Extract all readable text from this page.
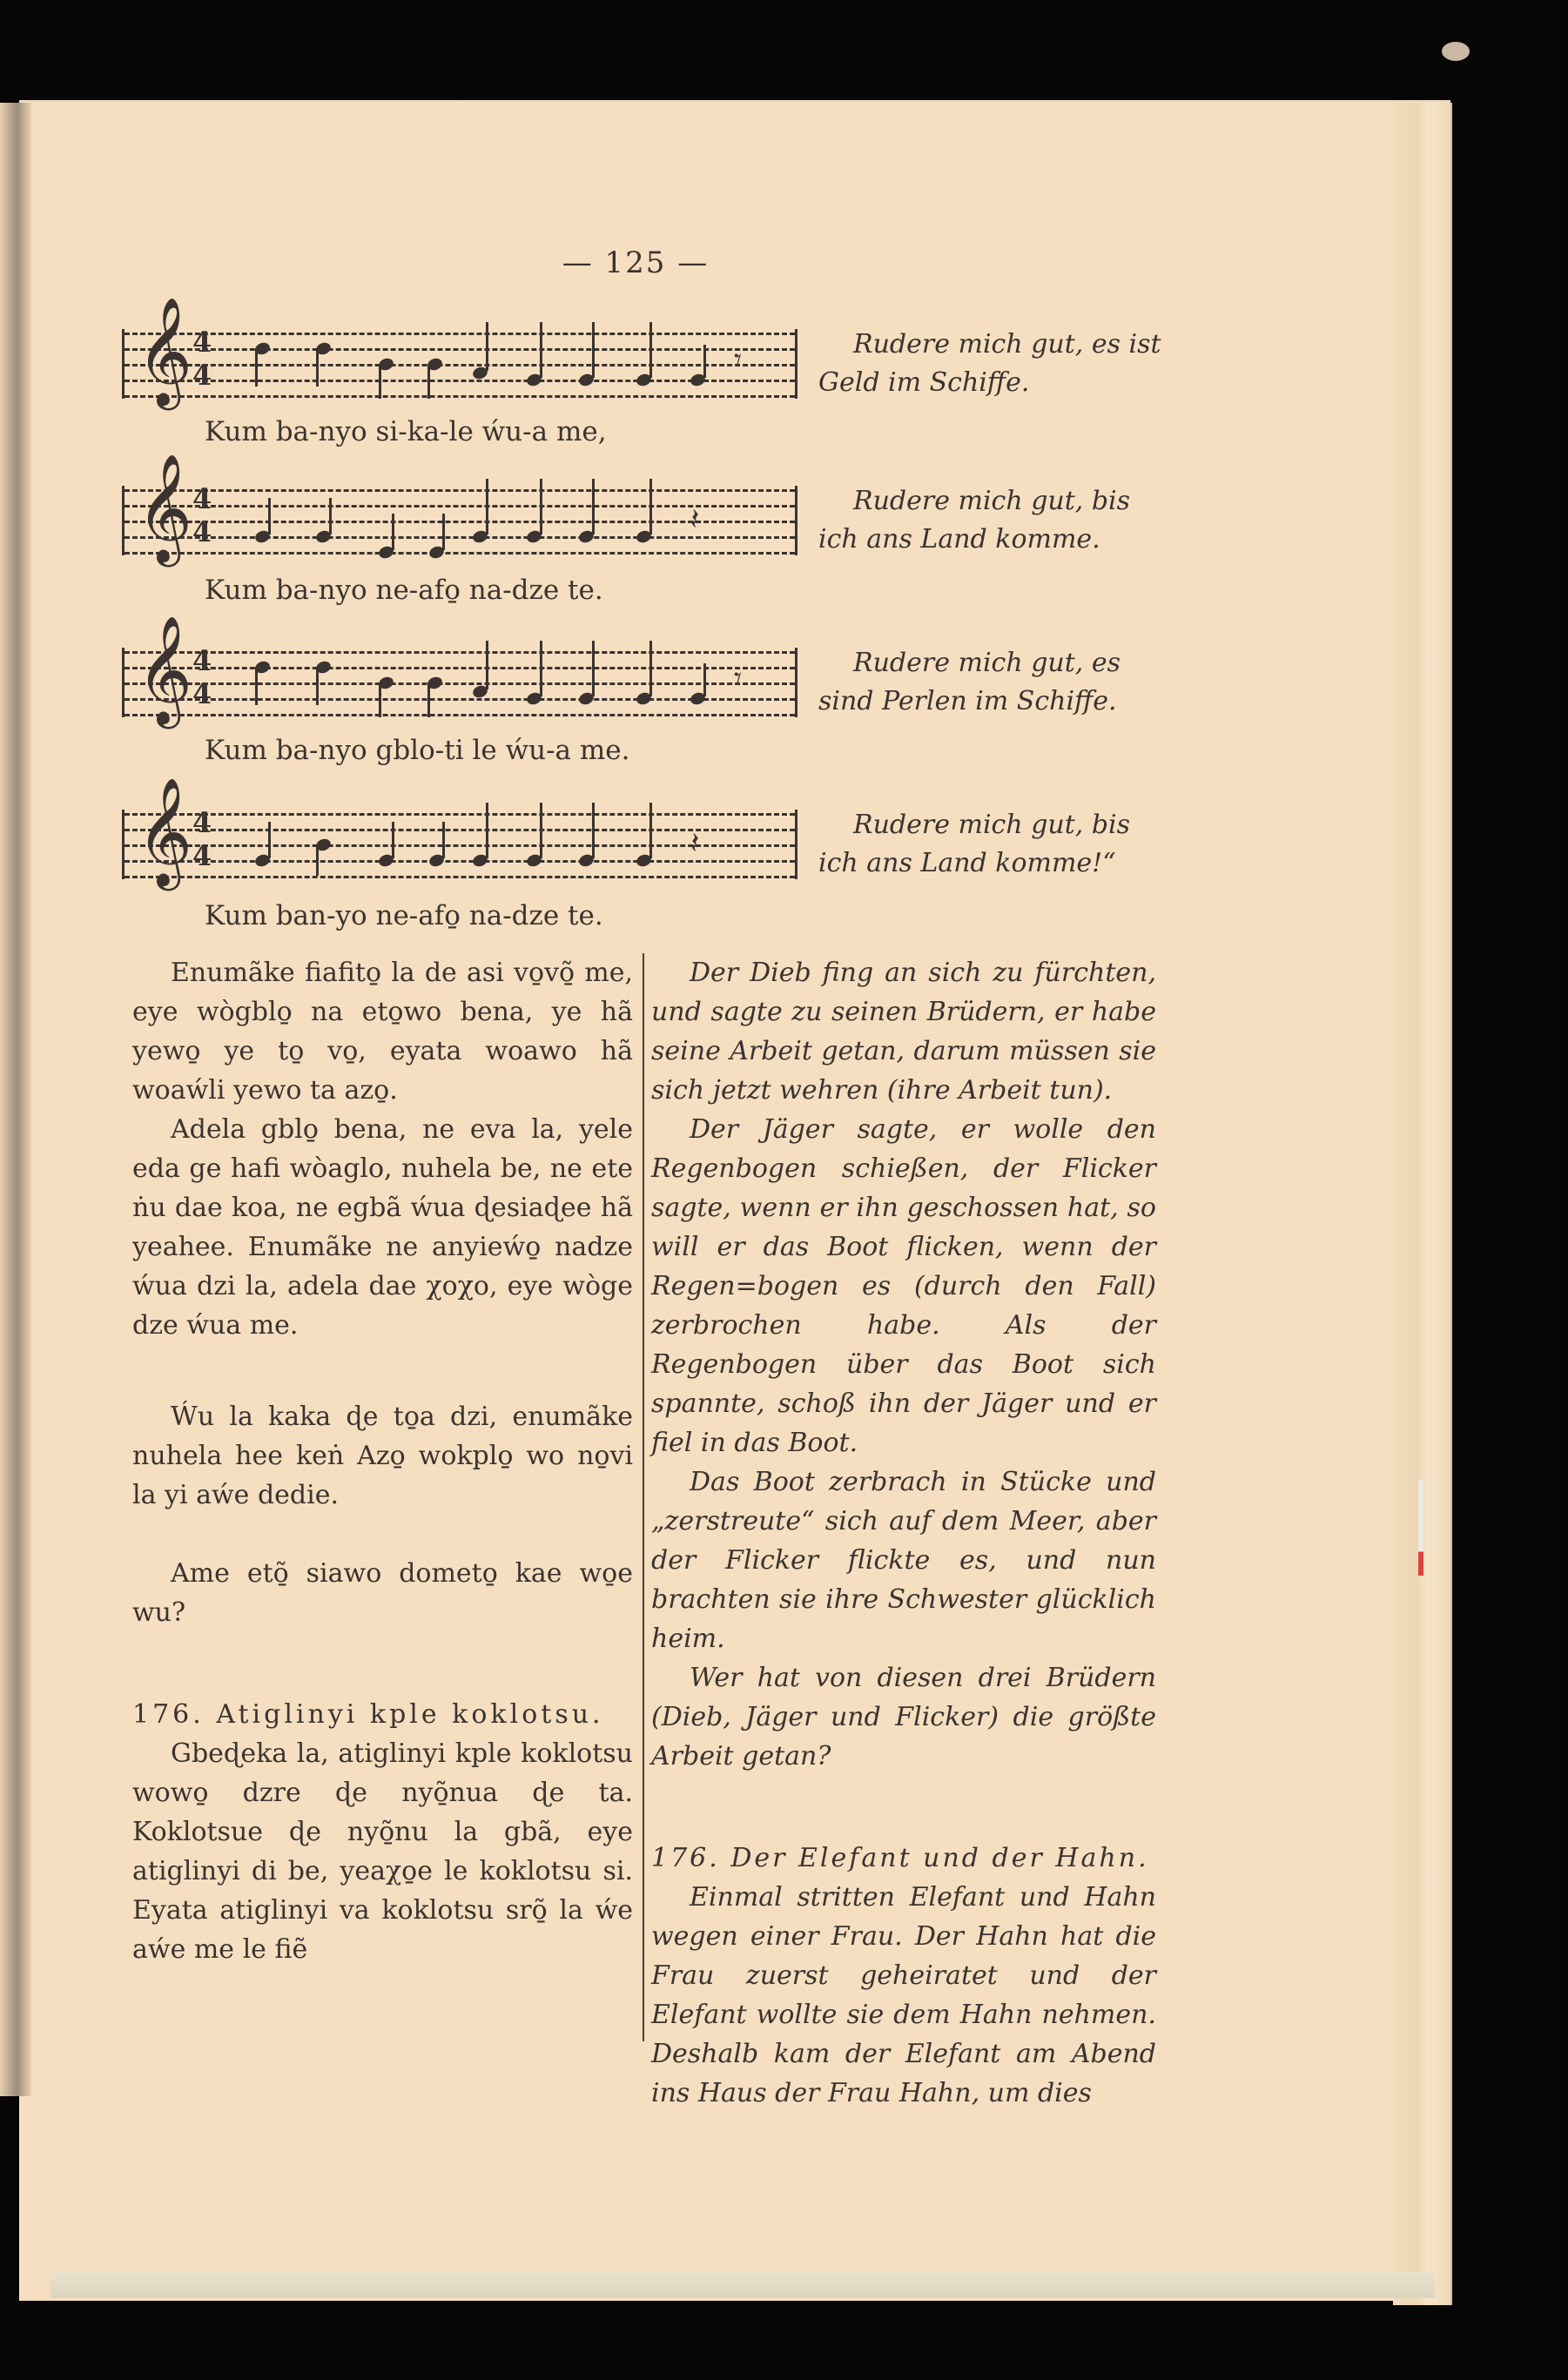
— 125 —
𝄞 4
4	𝄾
Kum ba-nyo si-ka-le ẃu-a me,
Rudere mich gut, es ist
Geld im Schiffe.
𝄞 4
4	𝄽
Kum ba-nyo ne-afo̱ na-dze te.
Rudere mich gut, bis
ich ans Land komme.
𝄞 4
4	𝄾
Kum ba-nyo gblo-ti le ẃu-a me.
Rudere mich gut, es
sind Perlen im Schiffe.
𝄞 4
4	𝄽
Kum ban-yo ne-afo̱ na-dze te.
Rudere mich gut, bis
ich ans Land komme!“

Enumãke fiafito̱ la de asi vo̱võ̱ me, eye wògblo̱ na eto̱wo bena, ye hã yewo̱ ye to̱ vo̱, eyata woawo hã woaẃli yewo ta azo̱.

Adela gblo̱ bena, ne eva la, yele eda ge hafi wòaglo, nuhela be, ne ete ṅu dae koa, ne egbã ẃua ɖesiaɖee hã yeahee. Enumãke ne anyieẃo̱ nadze ẃua dzi la, adela dae χoχo, eye wòge dze ẃua me.

Ẃu la kaka ɖe to̱a dzi, enumãke nuhela hee keṅ Azo̱ wokplo̱ wo no̱vi la yi aẃe dedie.

Ame etõ̱ siawo dometo̱ kae wo̱e wu?

176. Atiglinyi kple koklotsu.

Gbeɖeka la, atiglinyi kple koklotsu wowo̱ dzre ɖe nyõ̱nua ɖe ta. Koklotsue ɖe nyõ̱nu la gbã, eye atiglinyi di be, yeaχo̱e le koklotsu si. Eyata atiglinyi va koklotsu srõ̱ la ẃe aẃe me le fiẽ

Der Dieb fing an sich zu fürchten, und sagte zu seinen Brüdern, er habe seine Arbeit getan, darum müssen sie sich jetzt wehren (ihre Arbeit tun).

Der Jäger sagte, er wolle den Regenbogen schießen, der Flicker sagte, wenn er ihn geschossen hat, so will er das Boot flicken, wenn der Regen=bogen es (durch den Fall) zerbrochen habe. Als der Regenbogen über das Boot sich spannte, schoß ihn der Jäger und er fiel in das Boot.

Das Boot zerbrach in Stücke und „zerstreute“ sich auf dem Meer, aber der Flicker flickte es, und nun brachten sie ihre Schwester glücklich heim.

Wer hat von diesen drei Brüdern (Dieb, Jäger und Flicker) die größte Arbeit getan?

176. Der Elefant und der Hahn.

Einmal stritten Elefant und Hahn wegen einer Frau. Der Hahn hat die Frau zuerst geheiratet und der Elefant wollte sie dem Hahn nehmen. Deshalb kam der Elefant am Abend ins Haus der Frau Hahn, um dies
